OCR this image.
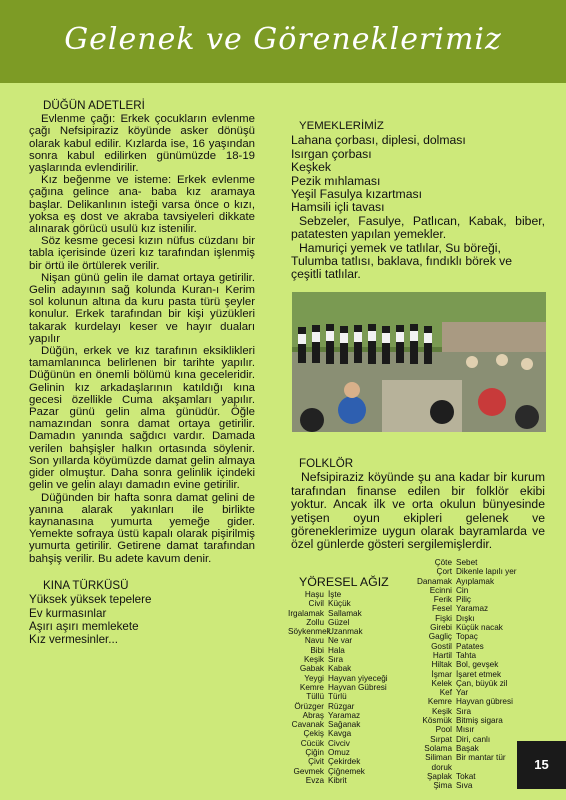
Gelenek ve Göreneklerimiz
DÜĞÜN ADETLERİ

Evlenme çağı: Erkek çocukların evlenme çağı Nefsipiraziz köyünde asker dönüşü olarak kabul edilir. Kızlarda ise, 16 yaşından sonra kabul edilirken günümüzde 18-19 yaşlarında evlendirilir.

Kız beğenme ve isteme: Erkek evlenme çağına gelince ana- baba kız aramaya başlar. Delikanlının isteği varsa önce o kızı, yoksa eş dost ve akraba tavsiyeleri dikkate alınarak görücü usulü kız istenilir.

Söz kesme gecesi kızın nüfus cüzdanı bir tabla içerisinde üzeri kız tarafından işlenmiş bir örtü ile örtülerek verilir.

Nişan günü gelin ile damat ortaya getirilir. Gelin adayının sağ kolunda Kuran-ı Kerim sol kolunun altına da kuru pasta türü şeyler konulur. Erkek tarafından bir kişi yüzükleri takarak kurdelayı keser ve hayır duaları yapılır

Düğün, erkek ve kız tarafının eksiklikleri tamamlanınca belirlenen bir tarihte yapılır. Düğünün en önemli bölümü kına geceleridir. Gelinin kız arkadaşlarının katıldığı kına gecesi özellikle Cuma akşamları yapılır. Pazar günü gelin alma günüdür. Öğle namazından sonra damat ortaya getirilir. Damadın yanında sağdıcı vardır. Damada verilen bahşişler halkın ortasında söylenir. Son yıllarda köyümüzde damat gelin almaya gider olmuştur. Daha sonra gelinlik içindeki gelin ve gelin alayı damadın evine getirilir.

Düğünden bir hafta sonra damat gelini de yanına alarak yakınları ile birlikte kaynanasına yumurta yemeğe gider. Yemekte sofraya üstü kapalı olarak pişirilmiş yumurta getirilir. Getirene damat tarafından bahşiş verilir. Bu adete kavum denir.

KINA TÜRKÜSÜ
Yüksek yüksek tepelere
Ev kurmasınlar
Aşırı aşırı memlekete
Kız vermesinler...
YEMEKLERİMİZ
Lahana çorbası, diplesi, dolması
Isırgan çorbası
Keşkek
Pezik mıhlaması
Yeşil Fasulya kızartması
Hamsili içli tavası
Sebzeler, Fasulye, Patlıcan, Kabak, biber, patatesten yapılan yemekler.
Hamuriçi yemek ve tatlılar, Su böreği, Tulumba tatlısı, baklava, fındıklı börek ve çeşitli tatlılar.
FOLKLÖR

Nefsipiraziz köyünde şu ana kadar bir kurum tarafından finanse edilen bir folklör ekibi yoktur. Ancak ilk ve orta okulun bünyesinde yetişen oyun ekipleri gelenek ve göreneklerimize uygun olarak bayramlarda ve özel günlerde gösteri sergilemişlerdir.

YÖRESEL AĞIZ
Haşu İşte
Civil Küçük
Irgalamak Sallamak
Zollu Güzel
Söykenmek
Uzanmak
Navu Ne var
Bibi Hala
Keşik Sıra
Gabak Kabak
Yeygi Hayvan yiyeceği
Kemre Hayvan Gübresi
Tüllü Türlü
Örüzger Rüzgar
Abraş Yaramaz
Cavanak Sağanak
Çekiş Kavga
Cücük Civciv
Çiğin Omuz
Çivit Çekirdek
Gevmek Çiğnemek
Evza Kibrit
Çöte Sebet
Çort Dikenle lapılı yer
Danamak Ayıplamak
Ecinni Cin
Ferik Piliç
Fesel Yaramaz
Fişki Dışkı
Girebi Küçük nacak
Gagliç Topaç
Gostil Patates
Hartil Tahta
Hiltak Bol, gevşek
İşmar İşaret etmek
Kelek Çan, büyük zil
Kef Yar
Kemre Hayvan gübresi
Keşik Sıra
Kösmük Bitmiş sigara
Pool Mısır
Sırpat Diri, canlı
Solama Başak
Siliman doruk
Bir mantar tür
Şaplak Tokat
Şima Sıva
15
